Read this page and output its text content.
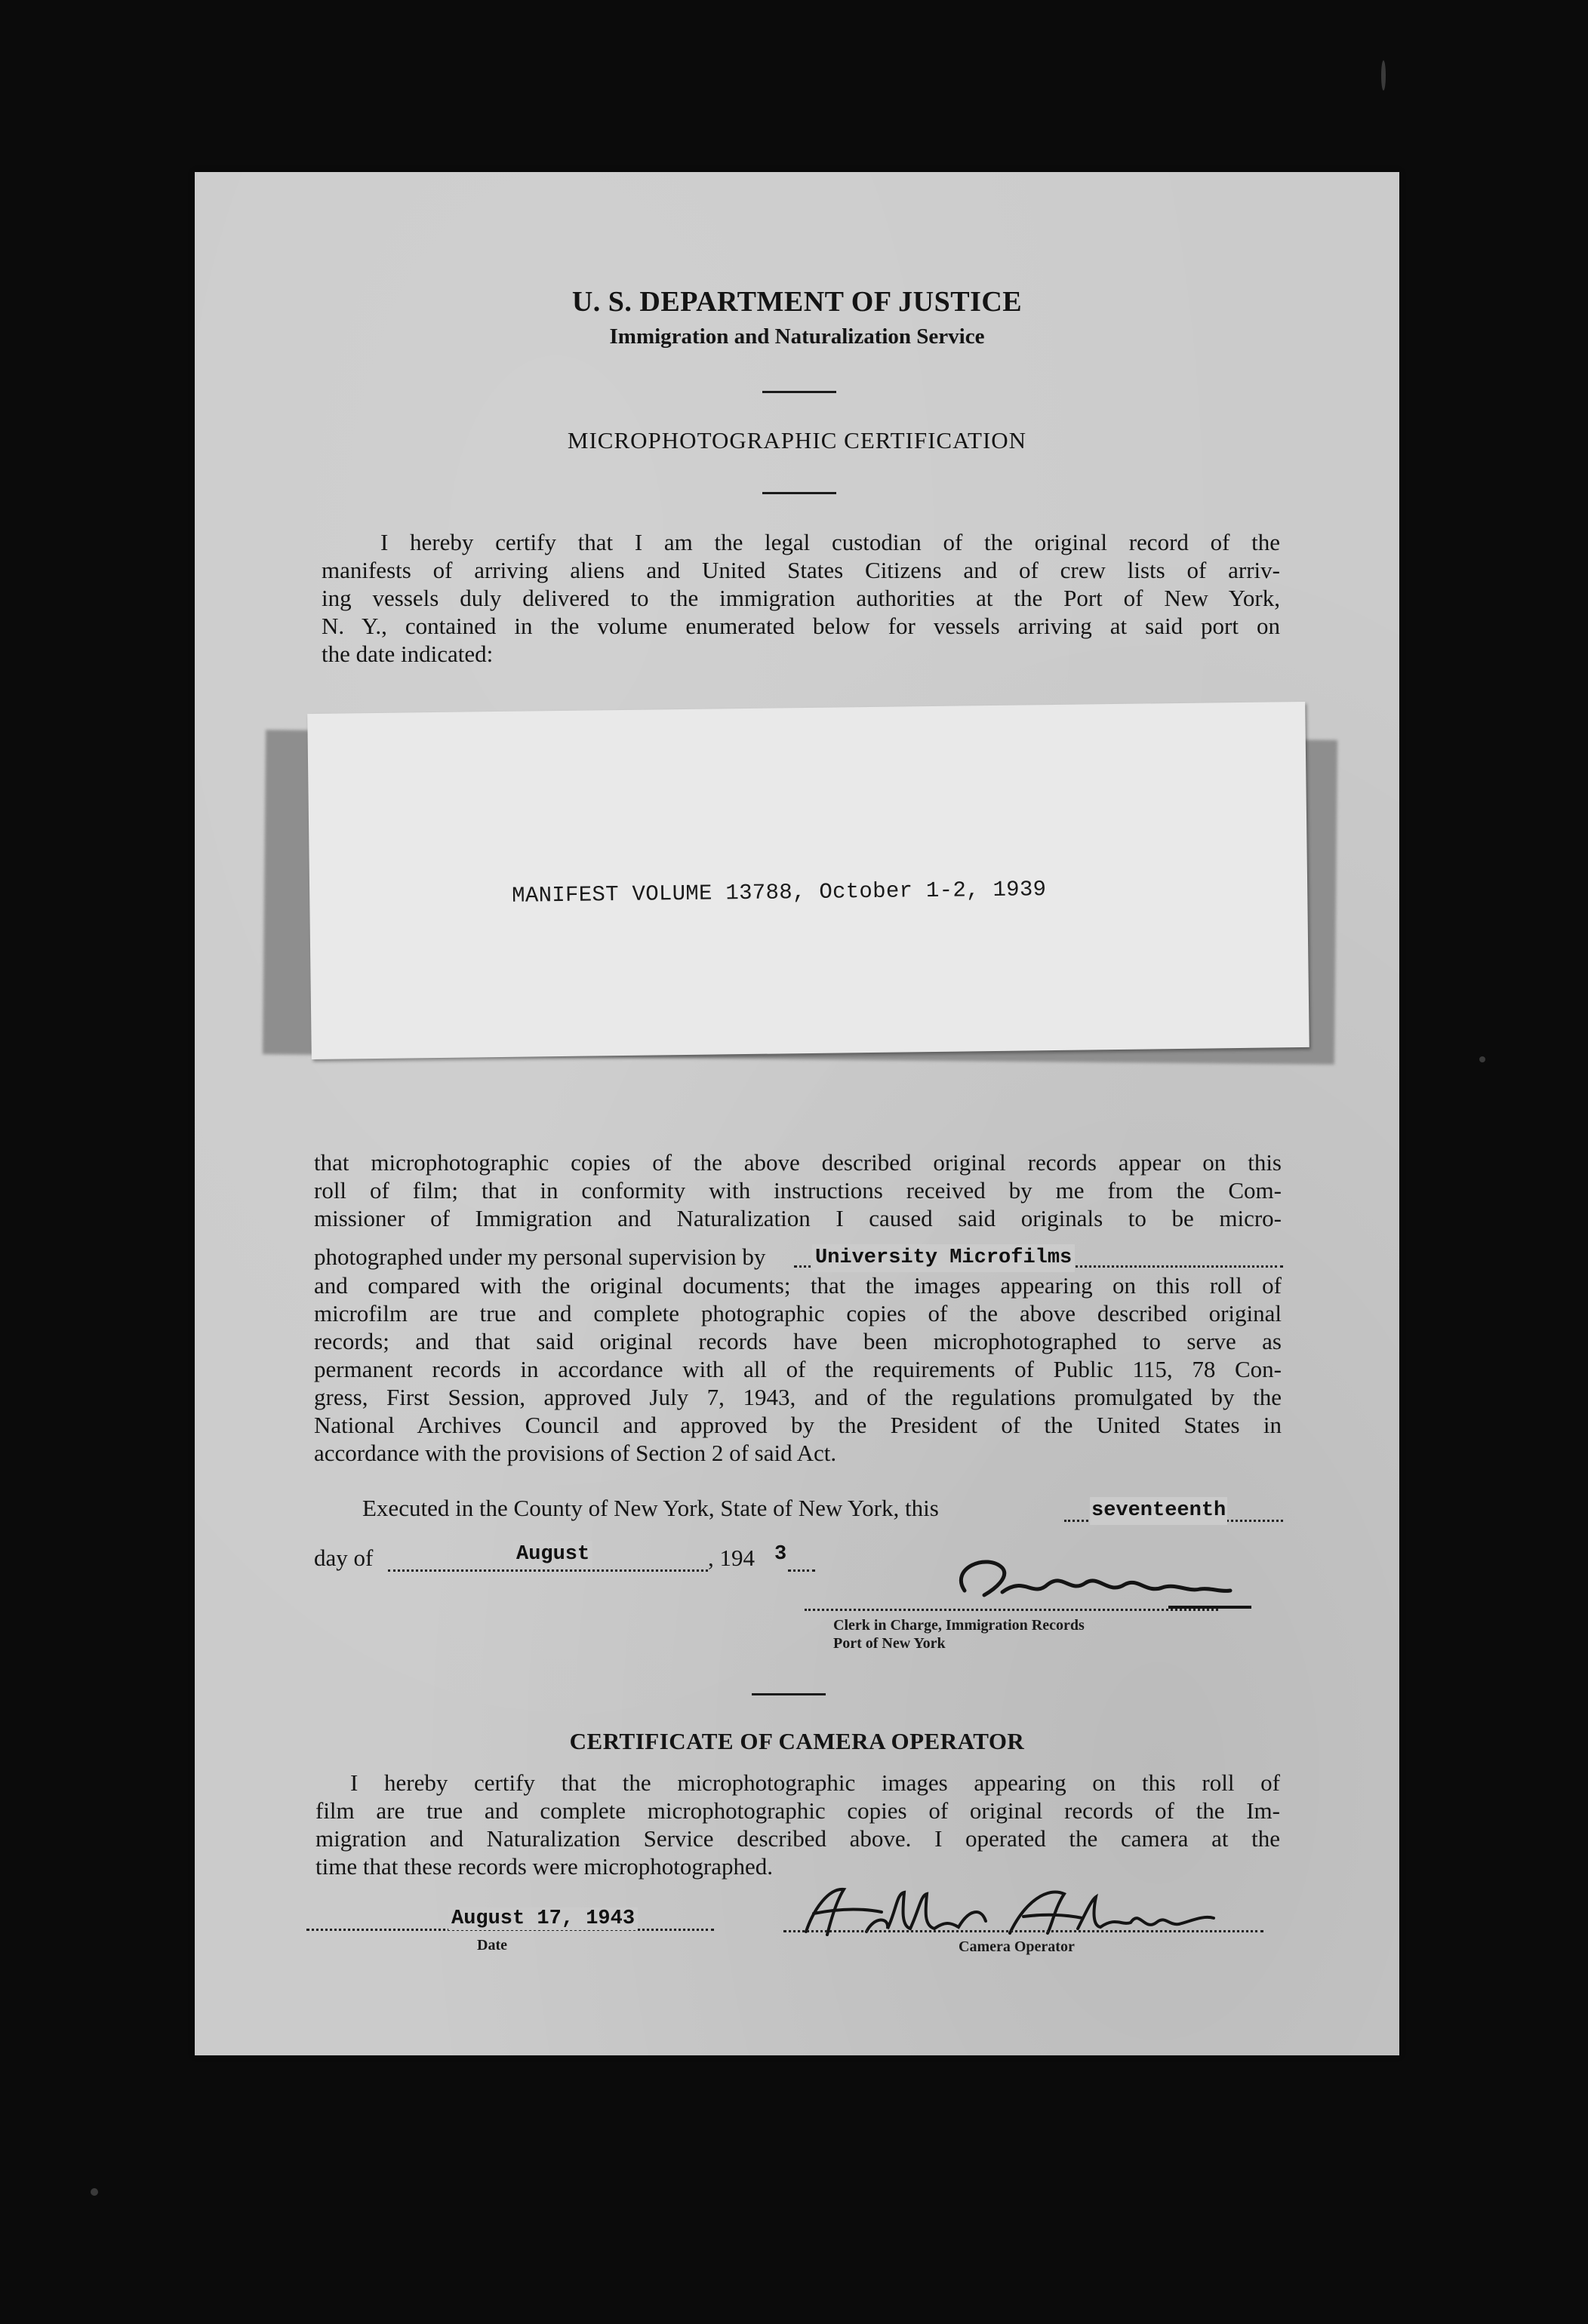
U. S. DEPARTMENT OF JUSTICE
Immigration and Naturalization Service
MICROPHOTOGRAPHIC CERTIFICATION
I hereby certify that I am the legal custodian of the original record of the
manifests of arriving aliens and United States Citizens and of crew lists of arriv-
ing vessels duly delivered to the immigration authorities at the Port of New York,
N. Y., contained in the volume enumerated below for vessels arriving at said port on
the date indicated:
MANIFEST VOLUME 13788, October 1-2, 1939
that microphotographic copies of the above described original records appear on this
roll of film; that in conformity with instructions received by me from the Com-
missioner of Immigration and Naturalization I caused said originals to be micro-
photographed under my personal supervision by University Microfilms
and compared with the original documents; that the images appearing on this roll of
microfilm are true and complete photographic copies of the above described original
records; and that said original records have been microphotographed to serve as
permanent records in accordance with all of the requirements of Public 115, 78 Con-
gress, First Session, approved July 7, 1943, and of the regulations promulgated by the
National Archives Council and approved by the President of the United States in
accordance with the provisions of Section 2 of said Act.
Executed in the County of New York, State of New York, this	seventeenth
day of	August	, 194 3
Clerk in Charge, Immigration Records
Port of New York
CERTIFICATE OF CAMERA OPERATOR
I hereby certify that the microphotographic images appearing on this roll of
film are true and complete microphotographic copies of original records of the Im-
migration and Naturalization Service described above. I operated the camera at the
time that these records were microphotographed.
August 17, 1943
Date	Camera Operator
